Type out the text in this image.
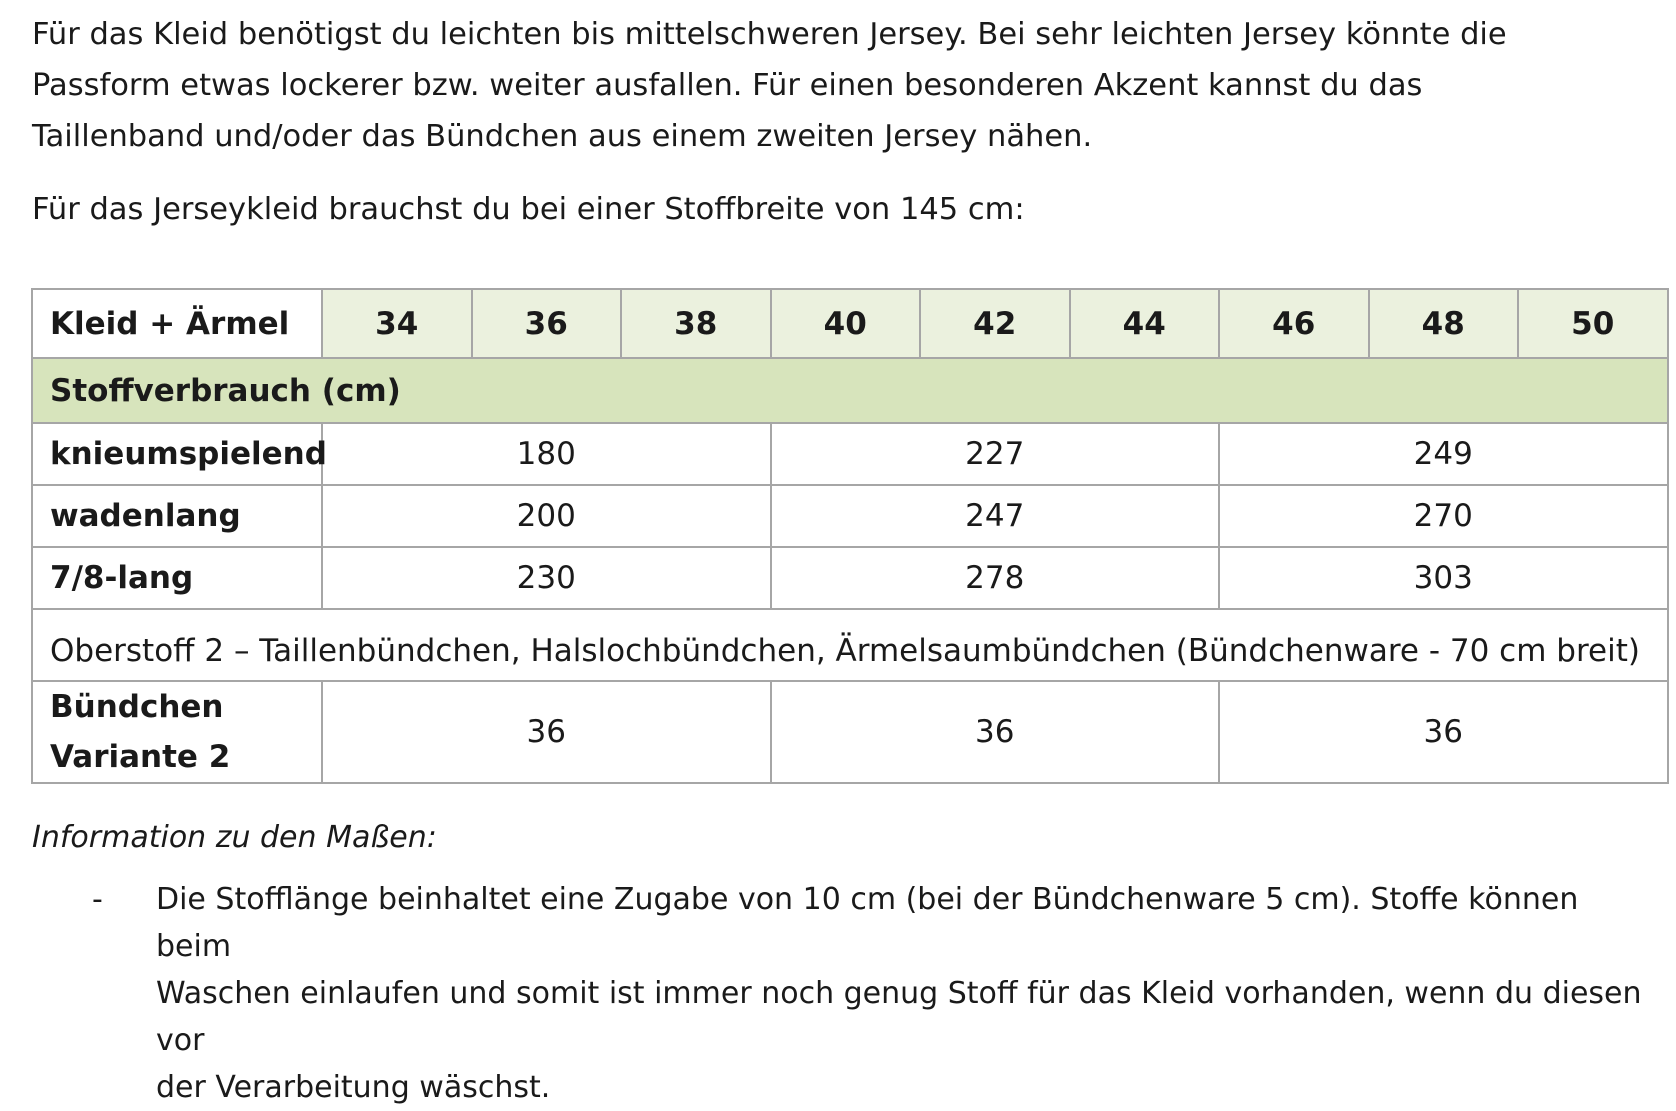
Für das Kleid benötigst du leichten bis mittelschweren Jersey. Bei sehr leichten Jersey könnte die
Passform etwas lockerer bzw. weiter ausfallen. Für einen besonderen Akzent kannst du das
Taillenband und/oder das Bündchen aus einem zweiten Jersey nähen.

Für das Jerseykleid brauchst du bei einer Stoffbreite von 145 cm:

Kleid + Ärmel	34	36	38	40	42	44	46	48	50
Stoffverbrauch (cm)									
knieumspielend	180			227			249		
wadenlang	200			247			270		
7/8-lang	230			278			303		
Oberstoff 2 – Taillenbündchen, Halslochbündchen, Ärmelsaumbündchen (Bündchenware - 70 cm breit)									

Bündchen
Variante 2	36			36			36		

Information zu den Maßen:

- Die Stofflänge beinhaltet eine Zugabe von 10 cm (bei der Bündchenware 5 cm). Stoffe können beim
Waschen einlaufen und somit ist immer noch genug Stoff für das Kleid vorhanden, wenn du diesen vor
der Verarbeitung wäschst.
